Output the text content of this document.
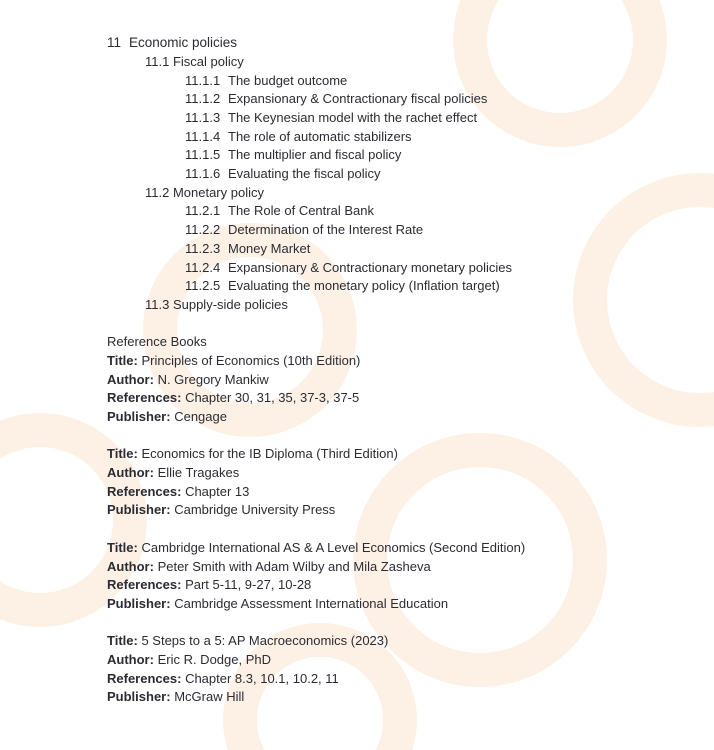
11 Economic policies
11.1 Fiscal policy
11.1.1 The budget outcome
11.1.2 Expansionary & Contractionary fiscal policies
11.1.3 The Keynesian model with the rachet effect
11.1.4 The role of automatic stabilizers
11.1.5 The multiplier and fiscal policy
11.1.6 Evaluating the fiscal policy
11.2 Monetary policy
11.2.1 The Role of Central Bank
11.2.2 Determination of the Interest Rate
11.2.3 Money Market
11.2.4 Expansionary & Contractionary monetary policies
11.2.5 Evaluating the monetary policy (Inflation target)
11.3 Supply-side policies
Reference Books
Title: Principles of Economics (10th Edition)
Author: N. Gregory Mankiw
References: Chapter 30, 31, 35, 37-3, 37-5
Publisher: Cengage
Title: Economics for the IB Diploma (Third Edition)
Author: Ellie Tragakes
References: Chapter 13
Publisher: Cambridge University Press
Title: Cambridge International AS & A Level Economics (Second Edition)
Author: Peter Smith with Adam Wilby and Mila Zasheva
References: Part 5-11, 9-27, 10-28
Publisher: Cambridge Assessment International Education
Title: 5 Steps to a 5: AP Macroeconomics (2023)
Author: Eric R. Dodge, PhD
References: Chapter 8.3, 10.1, 10.2, 11
Publisher: McGraw Hill
